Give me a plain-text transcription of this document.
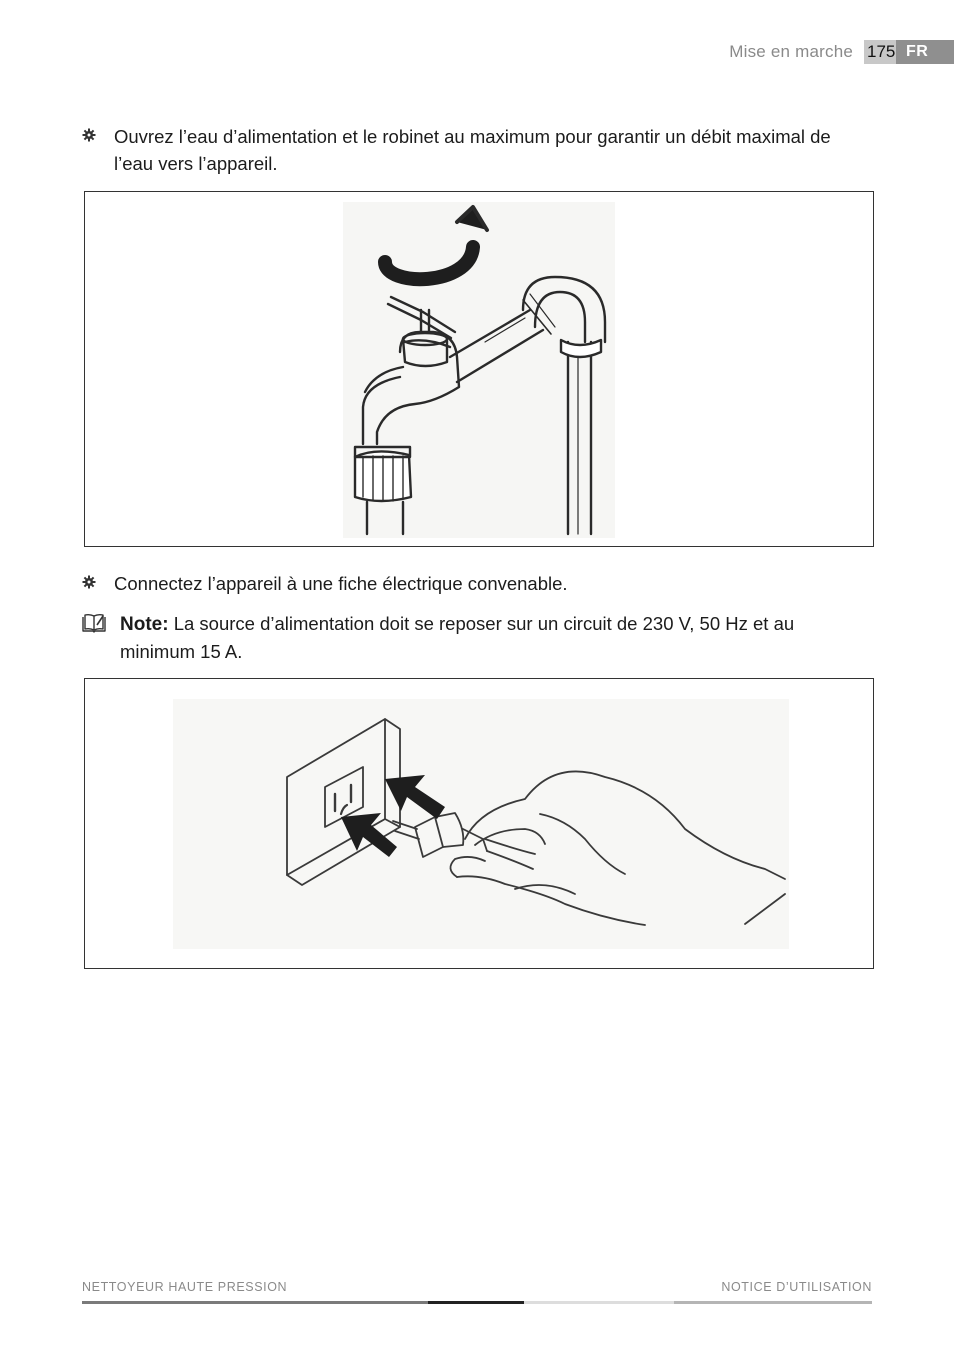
Mise en marche 175 FR
Ouvrez l’eau d’alimentation et le robinet au maximum pour garantir un débit maximal de l’eau vers l’appareil.
Connectez l’appareil à une fiche électrique convenable.
Note: La source d’alimentation doit se reposer sur un circuit de 230 V, 50 Hz et au minimum 15 A.
NETTOYEUR HAUTE PRESSION	NOTICE D’UTILISATION
